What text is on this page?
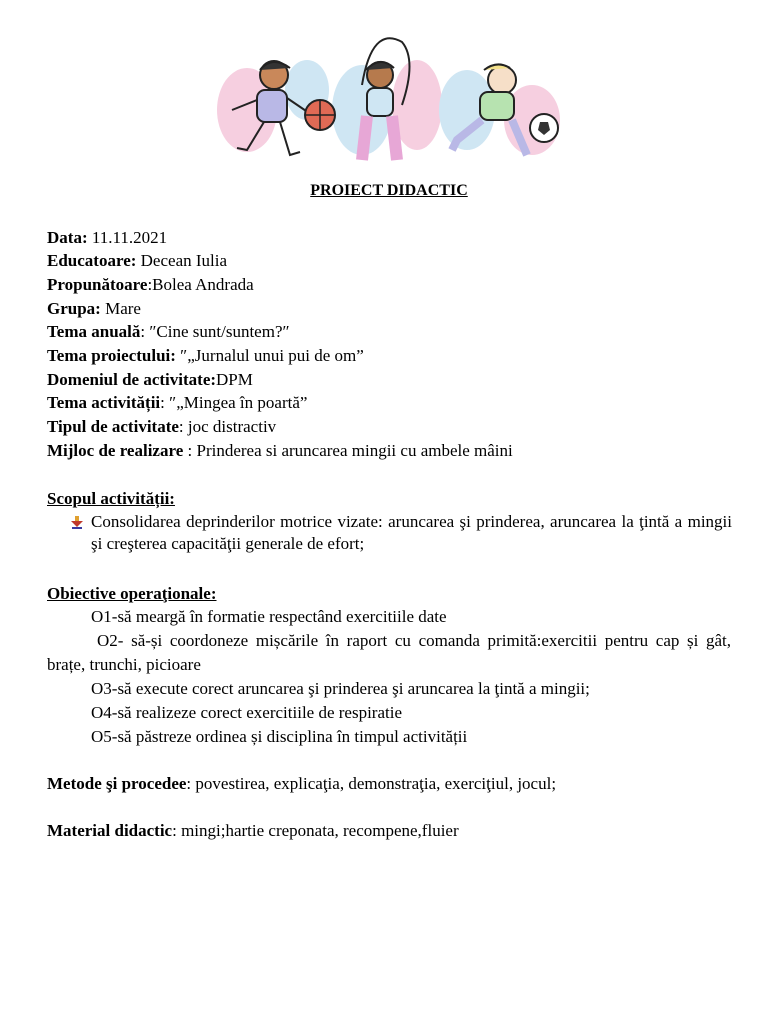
PROIECT DIDACTIC
Data: 11.11.2021
Educatoare: Decean Iulia
Propunătoare:Bolea Andrada
Grupa: Mare
Tema anuală: ″Cine sunt/suntem?″
Tema proiectului: ″„Jurnalul unui pui de om”
Domeniul de activitate:DPM
Tema activității: ″„Mingea în poartă”
Tipul de activitate: joc distractiv
Mijloc de realizare : Prinderea si aruncarea mingii cu ambele mâini
Scopul activității:
Consolidarea deprinderilor motrice vizate: aruncarea şi prinderea, aruncarea la ţintă a mingii şi creşterea capacităţii generale de efort;
Obiective operaţionale:
O1-să meargă în formatie respectând exercitiile date
O2- să-și coordoneze mișcările în raport cu comanda primită:exercitii pentru cap și gât, brațe, trunchi, picioare
O3-să execute corect aruncarea şi prinderea şi aruncarea la ţintă a mingii;
O4-să realizeze corect exercitiile de respiratie
O5-să păstreze ordinea și disciplina în timpul activității
Metode şi procedee: povestirea, explicaţia, demonstraţia, exerciţiul, jocul;
Material didactic: mingi;hartie creponata, recompene,fluier
